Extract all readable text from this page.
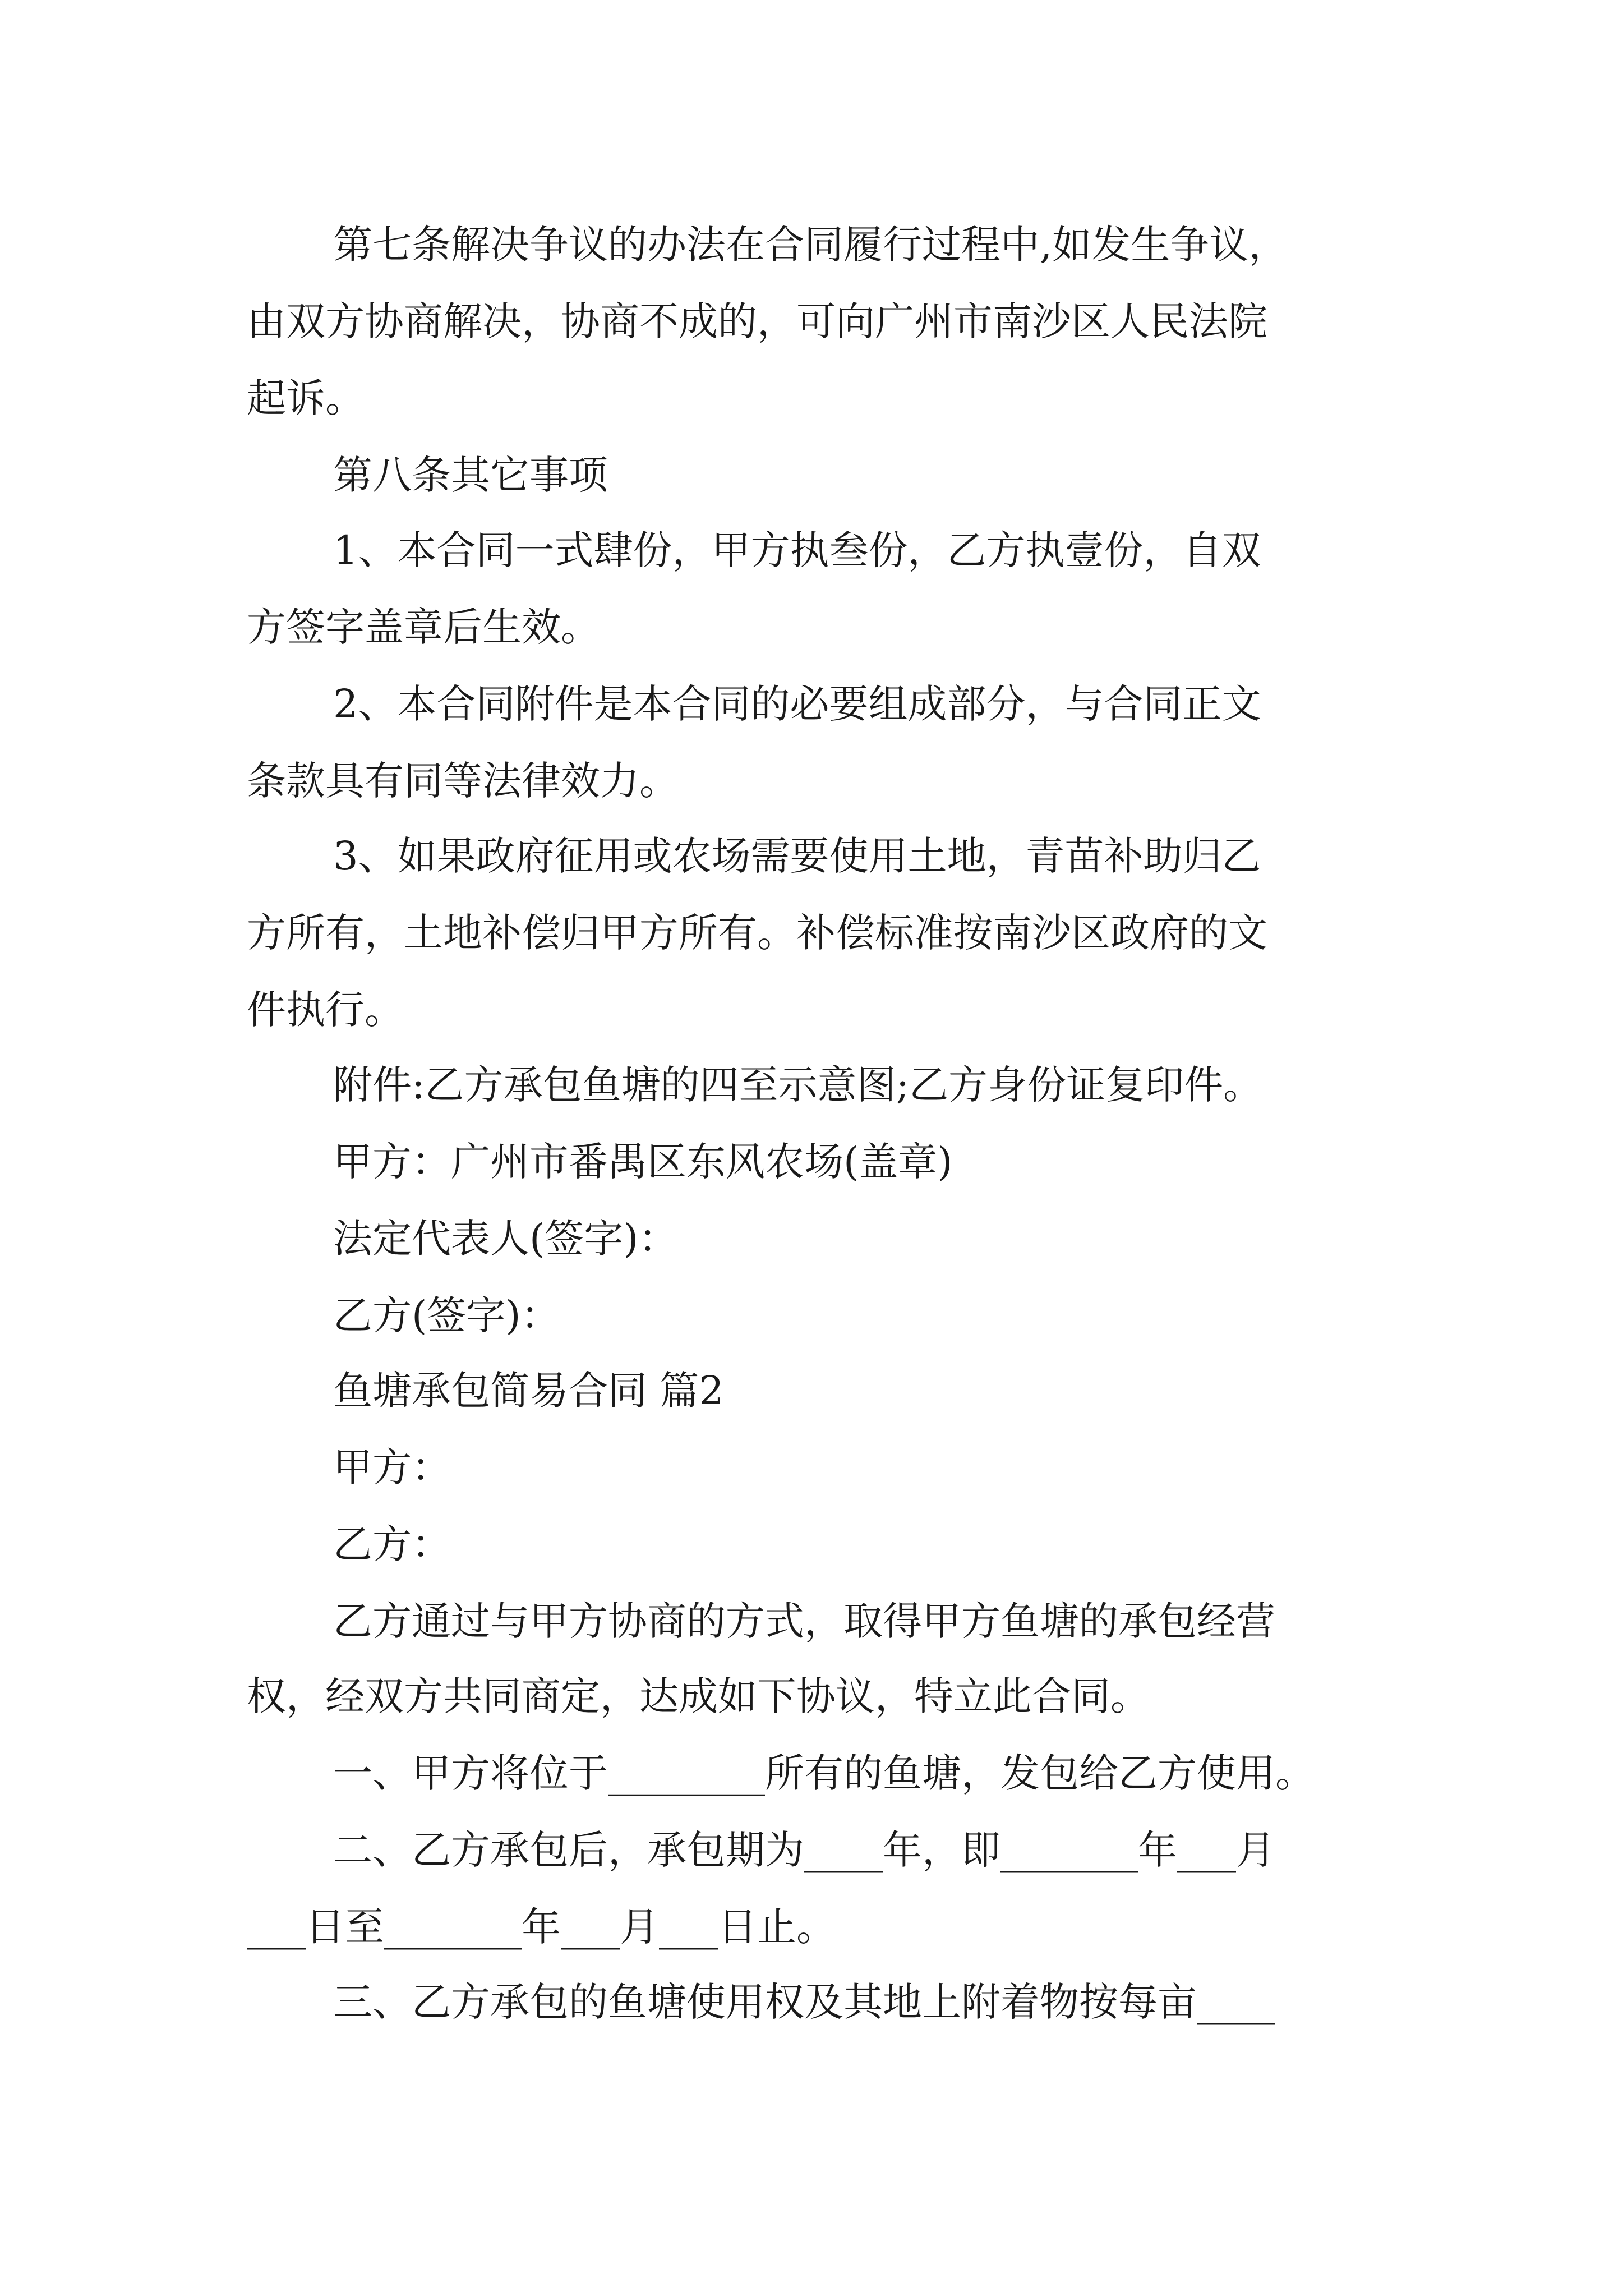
第七条解决争议的办法在合同履行过程中,如发生争议，
由双方协商解决，协商不成的，可向广州市南沙区人民法院
起诉。
第八条其它事项
1、本合同一式肆份，甲方执叁份，乙方执壹份，自双
方签字盖章后生效。
2、本合同附件是本合同的必要组成部分，与合同正文
条款具有同等法律效力。
3、如果政府征用或农场需要使用土地，青苗补助归乙
方所有，土地补偿归甲方所有。补偿标准按南沙区政府的文
件执行。
附件:乙方承包鱼塘的四至示意图;乙方身份证复印件。
甲方：广州市番禺区东风农场(盖章)
法定代表人(签字)：
乙方(签字)：
鱼塘承包简易合同 篇2
甲方：
乙方：
乙方通过与甲方协商的方式，取得甲方鱼塘的承包经营
权，经双方共同商定，达成如下协议，特立此合同。
一、甲方将位于________所有的鱼塘，发包给乙方使用。
二、乙方承包后，承包期为____年，即_______年___月
___日至_______年___月___日止。
三、乙方承包的鱼塘使用权及其地上附着物按每亩____
